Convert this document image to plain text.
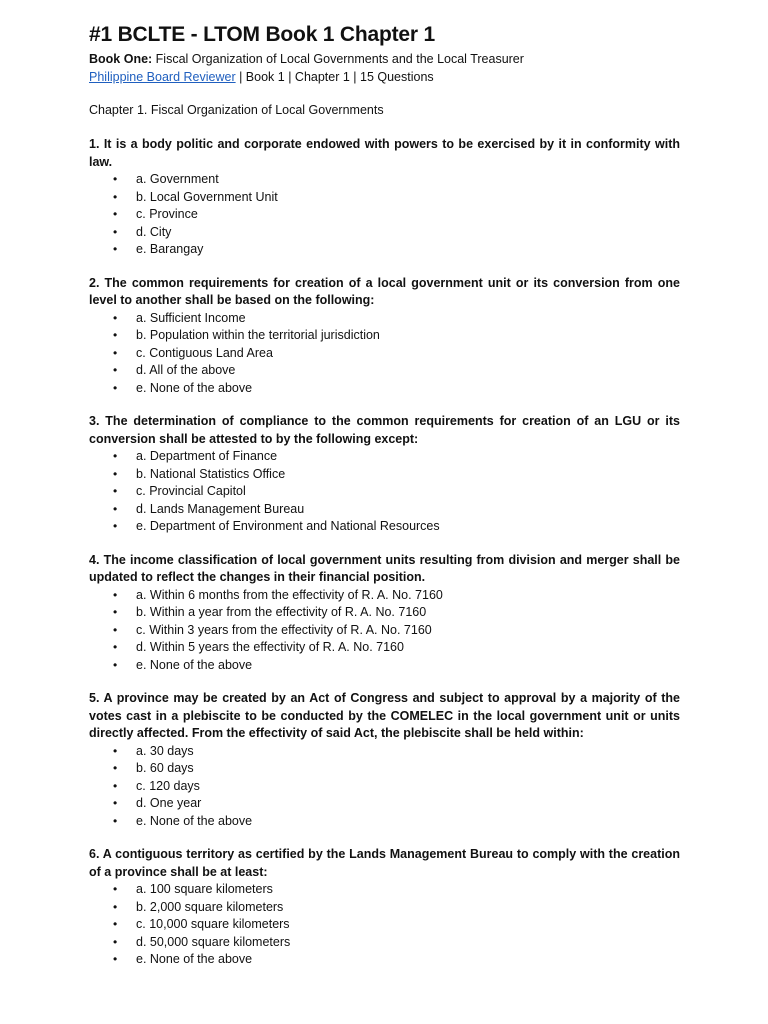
#1 BCLTE - LTOM Book 1 Chapter 1

Book One: Fiscal Organization of Local Governments and the Local Treasurer

Philippine Board Reviewer | Book 1 | Chapter 1 | 15 Questions

Chapter 1. Fiscal Organization of Local Governments

1. It is a body politic and corporate endowed with powers to be exercised by it in conformity with law.

• a. Government
• b. Local Government Unit
• c. Province
• d. City
• e. Barangay

2. The common requirements for creation of a local government unit or its conversion from one level to another shall be based on the following:

• a. Sufficient Income
• b. Population within the territorial jurisdiction
• c. Contiguous Land Area
• d. All of the above
• e. None of the above

3. The determination of compliance to the common requirements for creation of an LGU or its conversion shall be attested to by the following except:

• a. Department of Finance
• b. National Statistics Office
• c. Provincial Capitol
• d. Lands Management Bureau
• e. Department of Environment and National Resources

4. The income classification of local government units resulting from division and merger shall be updated to reflect the changes in their financial position.

• a. Within 6 months from the effectivity of R. A. No. 7160
• b. Within a year from the effectivity of R. A. No. 7160
• c. Within 3 years from the effectivity of R. A. No. 7160
• d. Within 5 years the effectivity of R. A. No. 7160
• e. None of the above

5. A province may be created by an Act of Congress and subject to approval by a majority of the votes cast in a plebiscite to be conducted by the COMELEC in the local government unit or units directly affected. From the effectivity of said Act, the plebiscite shall be held within:

• a. 30 days
• b. 60 days
• c. 120 days
• d. One year
• e. None of the above

6. A contiguous territory as certified by the Lands Management Bureau to comply with the creation of a province shall be at least:

• a. 100 square kilometers
• b. 2,000 square kilometers
• c. 10,000 square kilometers
• d. 50,000 square kilometers
• e. None of the above
